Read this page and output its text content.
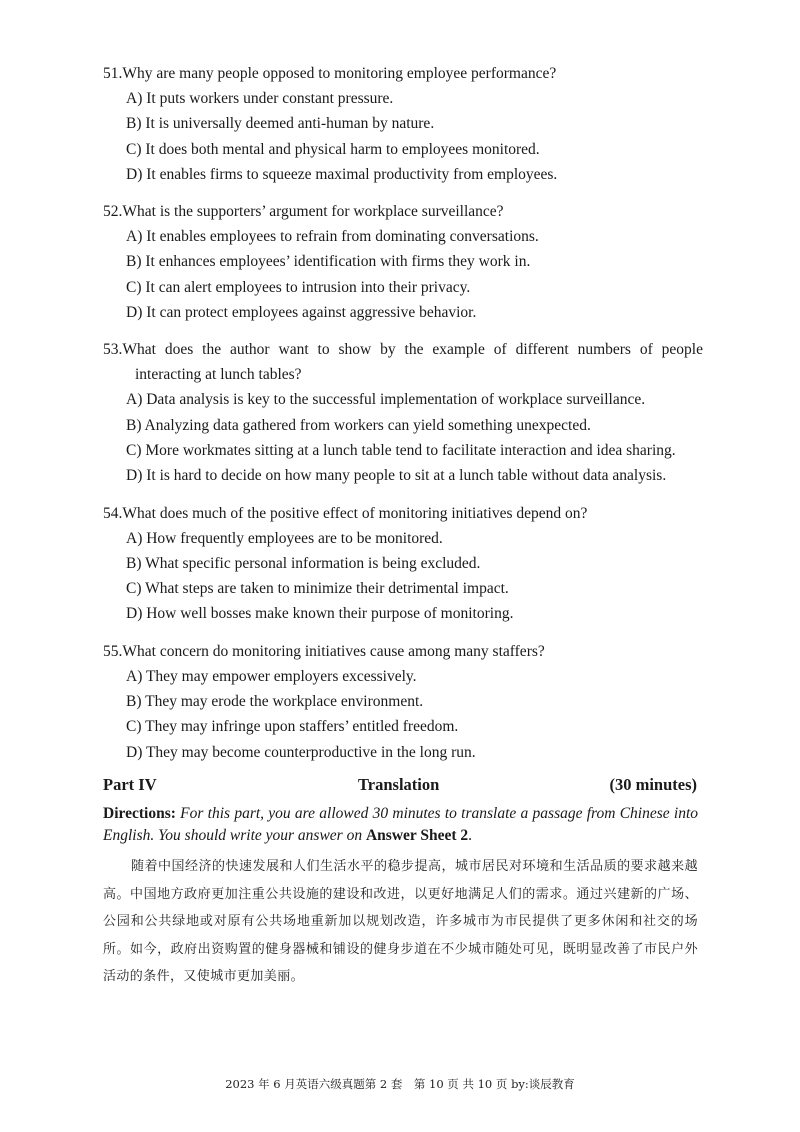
51.Why are many people opposed to monitoring employee performance?
A) It puts workers under constant pressure.
B) It is universally deemed anti-human by nature.
C) It does both mental and physical harm to employees monitored.
D) It enables firms to squeeze maximal productivity from employees.
52.What is the supporters’ argument for workplace surveillance?
A) It enables employees to refrain from dominating conversations.
B) It enhances employees’ identification with firms they work in.
C) It can alert employees to intrusion into their privacy.
D) It can protect employees against aggressive behavior.
53.What does the author want to show by the example of different numbers of people
interacting at lunch tables?
A) Data analysis is key to the successful implementation of workplace surveillance.
B) Analyzing data gathered from workers can yield something unexpected.
C) More workmates sitting at a lunch table tend to facilitate interaction and idea sharing.
D) It is hard to decide on how many people to sit at a lunch table without data analysis.
54.What does much of the positive effect of monitoring initiatives depend on?
A) How frequently employees are to be monitored.
B) What specific personal information is being excluded.
C) What steps are taken to minimize their detrimental impact.
D) How well bosses make known their purpose of monitoring.
55.What concern do monitoring initiatives cause among many staffers?
A) They may empower employers excessively.
B) They may erode the workplace environment.
C) They may infringe upon staffers’ entitled freedom.
D) They may become counterproductive in the long run.
Part IV	Translation	(30 minutes)
Directions: For this part, you are allowed 30 minutes to translate a passage from Chinese into English. You should write your answer on Answer Sheet 2.
随着中国经济的快速发展和人们生活水平的稳步提高，城市居民对环境和生活品质的要求越来越高。中国地方政府更加注重公共设施的建设和改进，以更好地满足人们的需求。通过兴建新的广场、公园和公共绿地或对原有公共场地重新加以规划改造，许多城市为市民提供了更多休闲和社交的场所。如今，政府出资购置的健身器械和铺设的健身步道在不少城市随处可见，既明显改善了市民户外活动的条件，又使城市更加美丽。
2023 年 6 月英语六级真题第 2 套　第 10 页 共 10 页 by:谈辰教育
